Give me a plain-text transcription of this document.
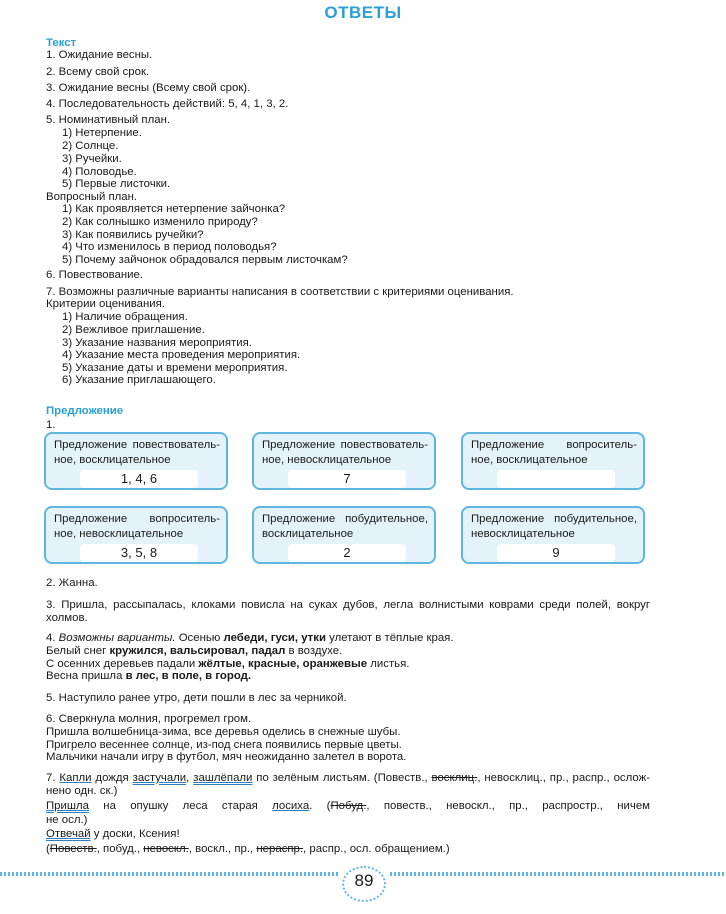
ОТВЕТЫ
Текст
1. Ожидание весны.
2. Всему свой срок.
3. Ожидание весны (Всему свой срок).
4. Последовательность действий: 5, 4, 1, 3, 2.
5. Номинативный план.
1) Нетерпение.
2) Солнце.
3) Ручейки.
4) Половодье.
5) Первые листочки.
Вопросный план.
1) Как проявляется нетерпение зайчонка?
2) Как солнышко изменило природу?
3) Как появились ручейки?
4) Что изменилось в период половодья?
5) Почему зайчонок обрадовался первым листочкам?
6. Повествование.
7. Возможны различные варианты написания в соответствии с критериями оценивания.
Критерии оценивания.
1) Наличие обращения.
2) Вежливое приглашение.
3) Указание названия мероприятия.
4) Указание места проведения мероприятия.
5) Указание даты и времени мероприятия.
6) Указание приглашающего.
Предложение
1.
Предложение повествователь-
ное, восклицательное
1, 4, 6
Предложение повествователь-
ное, невосклицательное
7
Предложение вопроситель-
ное, восклицательное
Предложение вопроситель-
ное, невосклицательное
3, 5, 8
Предложение побудительное,
восклицательное
2
Предложение побудительное,
невосклицательное
9
2. Жанна.
3. Пришла, рассыпалась, клоками повисла на суках дубов, легла волнистыми коврами среди полей, вокруг холмов.
4. Возможны варианты. Осенью лебеди, гуси, утки улетают в тёплые края.
Белый снег кружился, вальсировал, падал в воздухе.
С осенних деревьев падали жёлтые, красные, оранжевые листья.
Весна пришла в лес, в поле, в город.
5. Наступило ранее утро, дети пошли в лес за черникой.
6. Сверкнула молния, прогремел гром.
Пришла волшебница-зима, все деревья оделись в снежные шубы.
Пригрело весеннее солнце, из-под снега появились первые цветы.
Мальчики начали игру в футбол, мяч неожиданно залетел в ворота.
7. Капли дождя застучали, зашлёпали по зелёным листьям. (Повеств., восклиц., невосклиц., пр., распр., ослож-
нено одн. ск.)
Пришла на опушку леса старая лосиха. (Побуд., повеств., невоскл., пр., распростр., ничем
не осл.)
Отвечай у доски, Ксения!
(Повеств., побуд., невоскл., воскл., пр., нераспр., распр., осл. обращением.)
89
